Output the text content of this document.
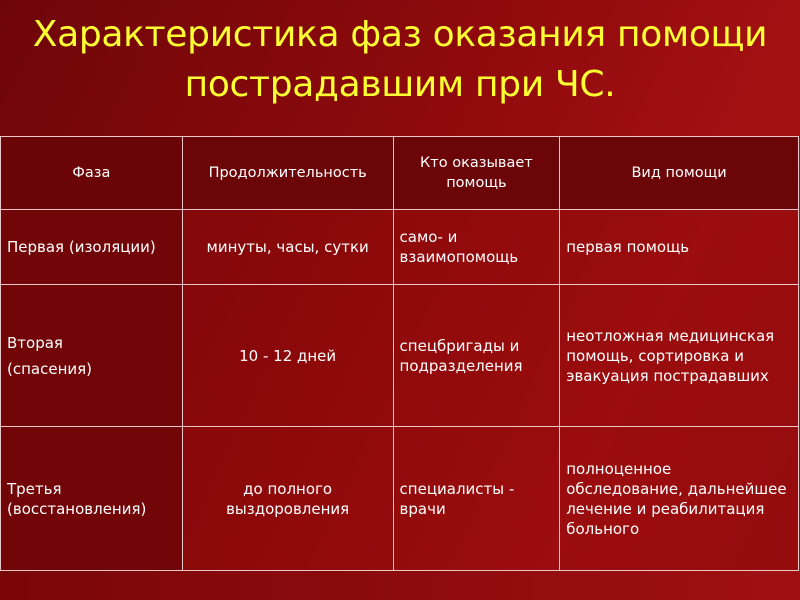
Характеристика фаз оказания помощи
пострадавшим при ЧС.
Фаза	Продолжительность	Кто оказывает помощь	Вид помощи

Первая (изоляции)	минуты, часы, сутки	само- и взаимопомощь	первая помощь

Вторая
(спасения)	10 - 12 дней	спецбригады и подразделения	неотложная медицинская помощь, сортировка и эвакуация пострадавших

Третья (восстановления)	до полного выздоровления	специалисты - врачи	полноценное обследование, дальнейшее лечение и реабилитация больного
